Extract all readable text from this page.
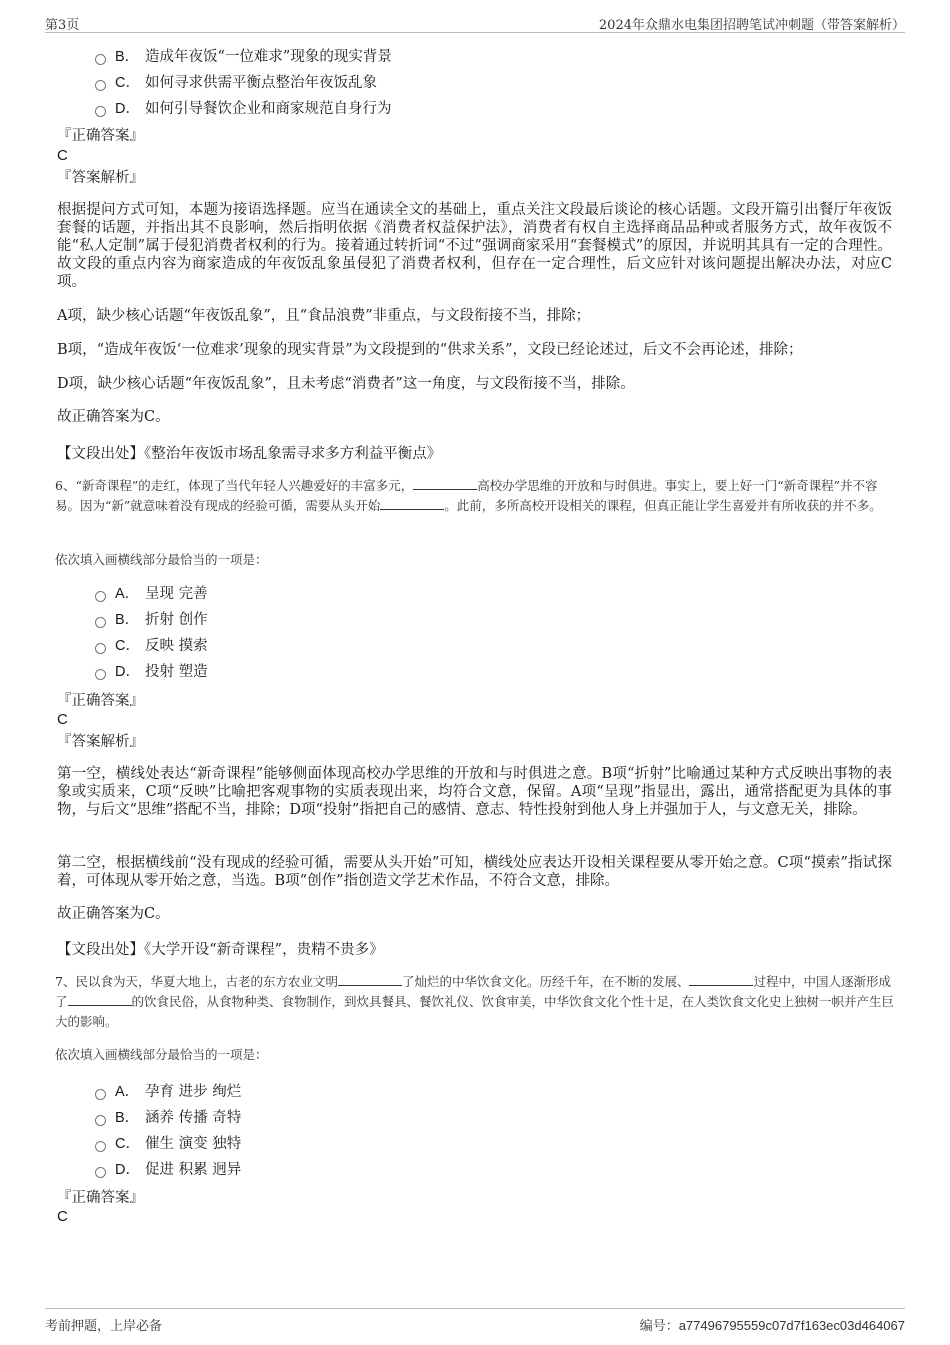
第3页	2024年众鼎水电集团招聘笔试冲刺题（带答案解析）
B． 造成年夜饭“一位难求”现象的现实背景
C． 如何寻求供需平衡点整治年夜饭乱象
D． 如何引导餐饮企业和商家规范自身行为
『正确答案』
C
『答案解析』
根据提问方式可知，本题为接语选择题。应当在通读全文的基础上，重点关注文段最后谈论的核心话题。文段开篇引出餐厅年夜饭套餐的话题，并指出其不良影响，然后指明依据《消费者权益保护法》，消费者有权自主选择商品品种或者服务方式，故年夜饭不能“私人定制”属于侵犯消费者权利的行为。接着通过转折词“不过”强调商家采用“套餐模式”的原因，并说明其具有一定的合理性。故文段的重点内容为商家造成的年夜饭乱象虽侵犯了消费者权利，但存在一定合理性，后文应针对该问题提出解决办法，对应C项。
A项，缺少核心话题“年夜饭乱象”，且“食品浪费”非重点，与文段衔接不当，排除；
B项，“造成年夜饭‘一位难求’现象的现实背景”为文段提到的“供求关系”，文段已经论述过，后文不会再论述，排除；
D项，缺少核心话题“年夜饭乱象”，且未考虑“消费者”这一角度，与文段衔接不当，排除。
故正确答案为C。
【文段出处】《整治年夜饭市场乱象需寻求多方利益平衡点》
6、“新奇课程”的走红，体现了当代年轻人兴趣爱好的丰富多元，	高校办学思维的开放和与时俱进。事实上，要上好一门“新奇课程”并不容易。因为“新”就意味着没有现成的经验可循，需要从头开始	。此前，多所高校开设相关的课程，但真正能让学生喜爱并有所收获的并不多。
依次填入画横线部分最恰当的一项是：
A． 呈现 完善
B． 折射 创作
C． 反映 摸索
D． 投射 塑造
『正确答案』
C
『答案解析』
第一空，横线处表达“新奇课程”能够侧面体现高校办学思维的开放和与时俱进之意。B项“折射”比喻通过某种方式反映出事物的表象或实质来，C项“反映”比喻把客观事物的实质表现出来，均符合文意，保留。A项“呈现”指显出，露出，通常搭配更为具体的事物，与后文“思维”搭配不当，排除；D项“投射”指把自己的感情、意志、特性投射到他人身上并强加于人，与文意无关，排除。
第二空，根据横线前“没有现成的经验可循，需要从头开始”可知，横线处应表达开设相关课程要从零开始之意。C项“摸索”指试探着，可体现从零开始之意，当选。B项“创作”指创造文学艺术作品，不符合文意，排除。
故正确答案为C。
【文段出处】《大学开设“新奇课程”，贵精不贵多》
7、民以食为天，华夏大地上，古老的东方农业文明	了灿烂的中华饮食文化。历经千年，在不断的发展、	过程中，中国人逐渐形成了	的饮食民俗，从食物种类、食物制作，到炊具餐具、餐饮礼仪、饮食审美，中华饮食文化个性十足，在人类饮食文化史上独树一帜并产生巨大的影响。
依次填入画横线部分最恰当的一项是：
A． 孕育 进步 绚烂
B． 涵养 传播 奇特
C． 催生 演变 独特
D． 促进 积累 迥异
『正确答案』
C
考前押题，上岸必备	编号：a77496795559c07d7f163ec03d464067
